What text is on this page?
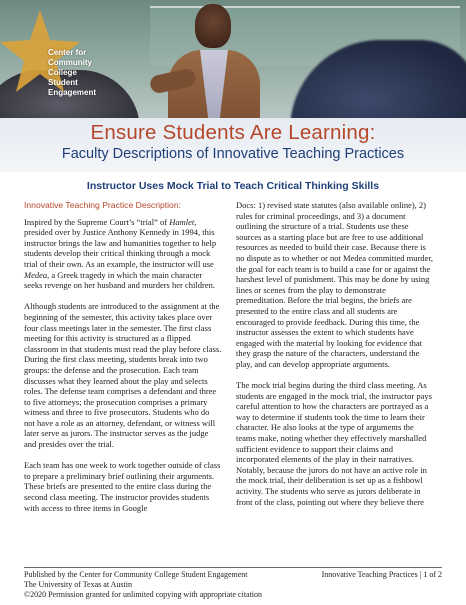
Center for
Community College
Student Engagement
Ensure Students Are Learning:
Faculty Descriptions of Innovative Teaching Practices
Instructor Uses Mock Trial to Teach Critical Thinking Skills
Innovative Teaching Practice Description:

Inspired by the Supreme Court’s “trial” of Hamlet, presided over by Justice Anthony Kennedy in 1994, this instructor brings the law and humanities together to help students develop their critical thinking through a mock trial of their own. As an example, the instructor will use Medea, a Greek tragedy in which the main character seeks revenge on her husband and murders her children.

Although students are introduced to the assignment at the beginning of the semester, this activity takes place over four class meetings later in the semester. The first class meeting for this activity is structured as a flipped classroom in that students must read the play before class. During the first class meeting, students break into two groups: the defense and the prosecution. Each team discusses what they learned about the play and selects roles. The defense team comprises a defendant and three to five attorneys; the prosecution comprises a primary witness and three to five prosecutors. Students who do not have a role as an attorney, defendant, or witness will later serve as jurors. The instructor serves as the judge and presides over the trial.

Each team has one week to work together outside of class to prepare a preliminary brief outlining their arguments. These briefs are presented to the entire class during the second class meeting. The instructor provides students with access to three items in Google

Docs: 1) revised state statutes (also available online), 2) rules for criminal proceedings, and 3) a document outlining the structure of a trial. Students use these sources as a starting place but are free to use additional resources as needed to build their case. Because there is no dispute as to whether or not Medea committed murder, the goal for each team is to build a case for or against the harshest level of punishment. This may be done by using lines or scenes from the play to demonstrate premeditation. Before the trial begins, the briefs are presented to the entire class and all students are encouraged to provide feedback. During this time, the instructor assesses the extent to which students have engaged with the material by looking for evidence that they grasp the nature of the characters, understand the play, and can develop appropriate arguments.

The mock trial begins during the third class meeting. As students are engaged in the mock trial, the instructor pays careful attention to how the characters are portrayed as a way to determine if students took the time to learn their character. He also looks at the type of arguments the teams make, noting whether they effectively marshalled sufficient evidence to support their claims and incorporated elements of the play in their narratives. Notably, because the jurors do not have an active role in the mock trial, their deliberation is set up as a fishbowl activity. The students who serve as jurors deliberate in front of the class, pointing out where they believe there

Published by the Center for Community College Student Engagement
The University of Texas at Austin
©2020 Permission granted for unlimited copying with appropriate citation
Innovative Teaching Practices | 1 of 2
